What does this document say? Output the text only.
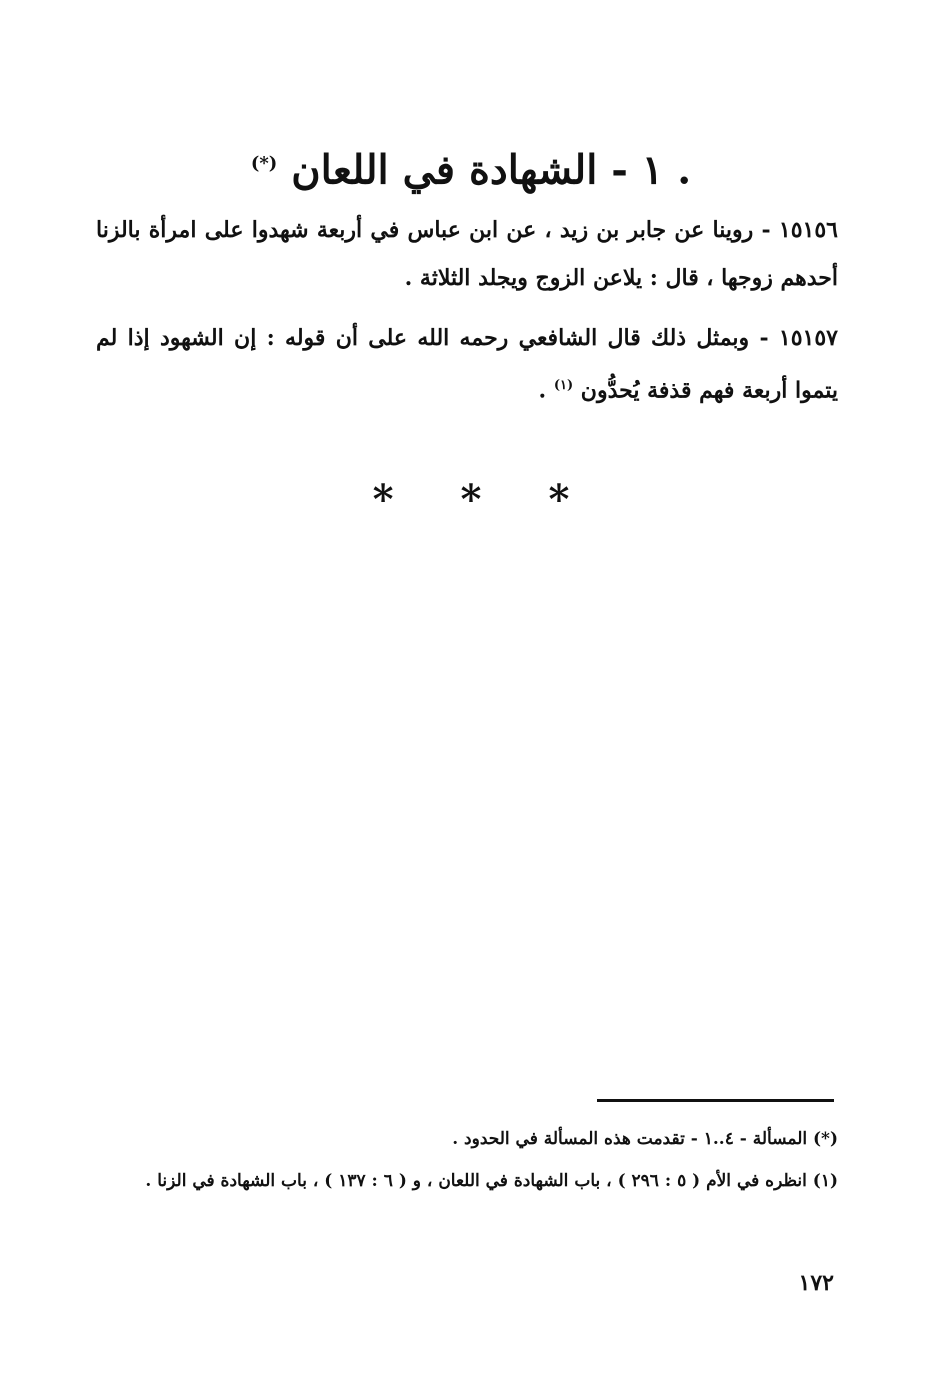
. ١ - الشهادة في اللعان (*)
١٥١٥٦ - روينا عن جابر بن زيد ، عن ابن عباس في أربعة شهدوا على امرأة بالزنا أحدهم زوجها ، قال : يلاعن الزوج ويجلد الثلاثة .
١٥١٥٧ - وبمثل ذلك قال الشافعي رحمه الله على أن قوله : إن الشهود إذا لم يتموا أربعة فهم قذفة يُحدُّون $^{(١)}$ .
* * *
(*) المسألة - ٤..١ - تقدمت هذه المسألة في الحدود .
(١) انظره في الأم ( ٥ : ٢٩٦ ) ، باب الشهادة في اللعان ، و ( ٦ : ١٣٧ ) ، باب الشهادة في الزنا .
١٧٢
